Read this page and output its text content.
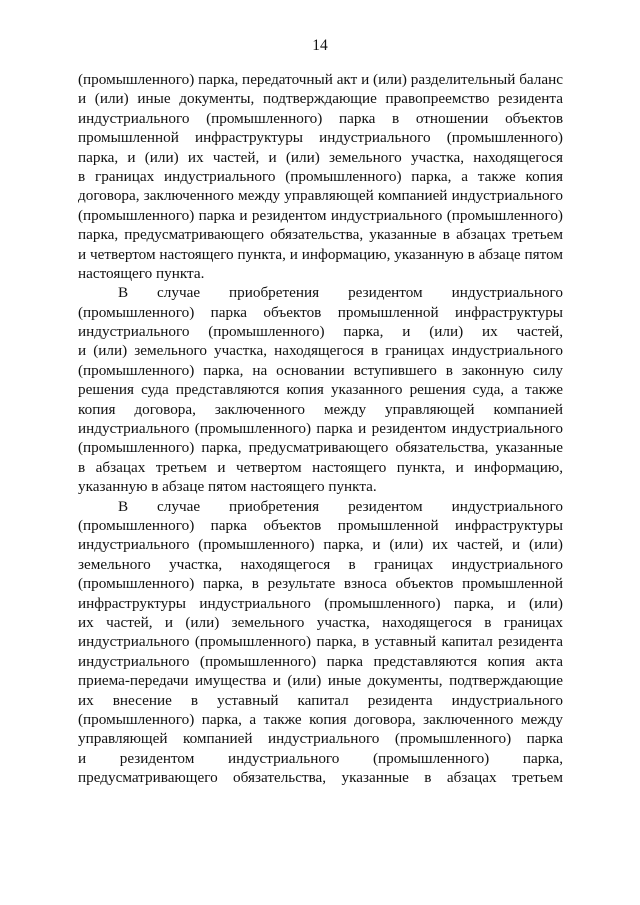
14
(промышленного) парка, передаточный акт и (или) разделительный баланс
и (или) иные документы, подтверждающие правопреемство резидента
индустриального (промышленного) парка в отношении объектов
промышленной инфраструктуры индустриального (промышленного)
парка, и (или) их частей, и (или) земельного участка, находящегося
в границах индустриального (промышленного) парка, а также копия
договора, заключенного между управляющей компанией индустриального
(промышленного) парка и резидентом индустриального (промышленного)
парка, предусматривающего обязательства, указанные в абзацах третьем
и четвертом настоящего пункта, и информацию, указанную в абзаце пятом
настоящего пункта.
В случае приобретения резидентом индустриального
(промышленного) парка объектов промышленной инфраструктуры
индустриального (промышленного) парка, и (или) их частей,
и (или) земельного участка, находящегося в границах индустриального
(промышленного) парка, на основании вступившего в законную силу
решения суда представляются копия указанного решения суда, а также
копия договора, заключенного между управляющей компанией
индустриального (промышленного) парка и резидентом индустриального
(промышленного) парка, предусматривающего обязательства, указанные
в абзацах третьем и четвертом настоящего пункта, и информацию,
указанную в абзаце пятом настоящего пункта.
В случае приобретения резидентом индустриального
(промышленного) парка объектов промышленной инфраструктуры
индустриального (промышленного) парка, и (или) их частей, и (или)
земельного участка, находящегося в границах индустриального
(промышленного) парка, в результате взноса объектов промышленной
инфраструктуры индустриального (промышленного) парка, и (или)
их частей, и (или) земельного участка, находящегося в границах
индустриального (промышленного) парка, в уставный капитал резидента
индустриального (промышленного) парка представляются копия акта
приема-передачи имущества и (или) иные документы, подтверждающие
их внесение в уставный капитал резидента индустриального
(промышленного) парка, а также копия договора, заключенного между
управляющей компанией индустриального (промышленного) парка
и резидентом индустриального (промышленного) парка,
предусматривающего обязательства, указанные в абзацах третьем
